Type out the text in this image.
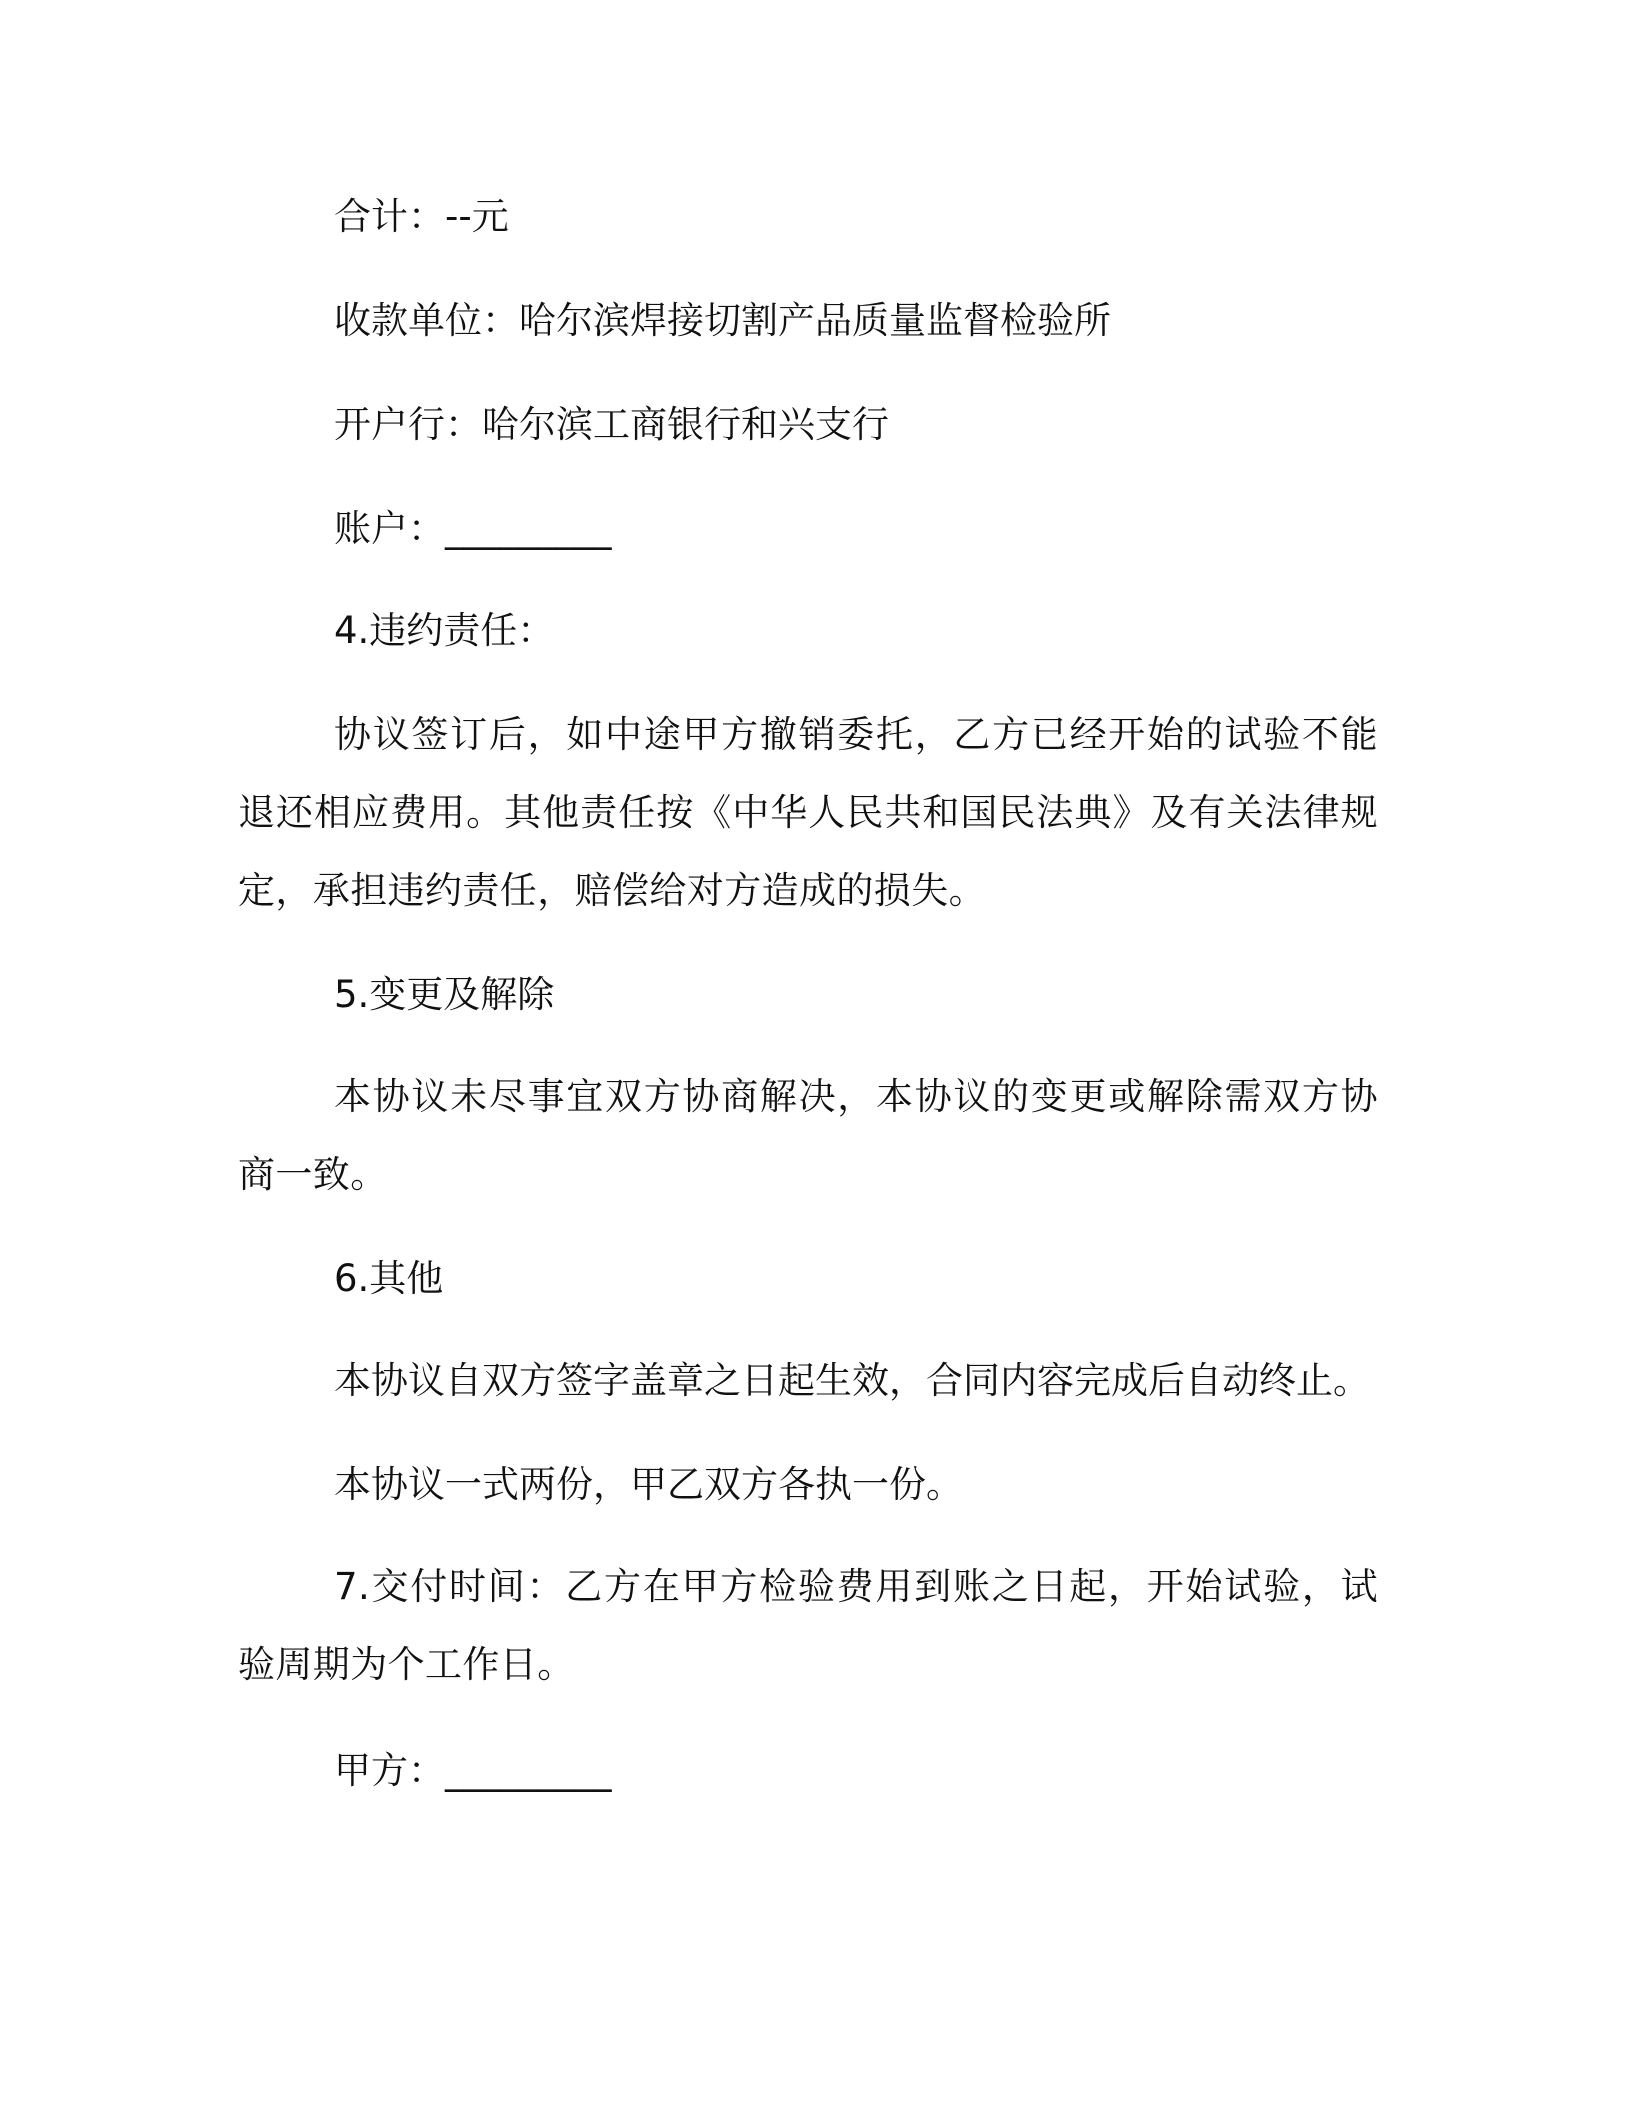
合计：--元
收款单位：哈尔滨焊接切割产品质量监督检验所
开户行：哈尔滨工商银行和兴支行
账户：_________
4.违约责任：

协议签订后，如中途甲方撤销委托，乙方已经开始的试验不能退还相应费用。其他责任按《中华人民共和国民法典》及有关法律规定，承担违约责任，赔偿给对方造成的损失。

5.变更及解除

本协议未尽事宜双方协商解决，本协议的变更或解除需双方协商一致。

6.其他
本协议自双方签字盖章之日起生效，合同内容完成后自动终止。
本协议一式两份，甲乙双方各执一份。

7.交付时间：乙方在甲方检验费用到账之日起，开始试验，试验周期为个工作日。

甲方：_________
